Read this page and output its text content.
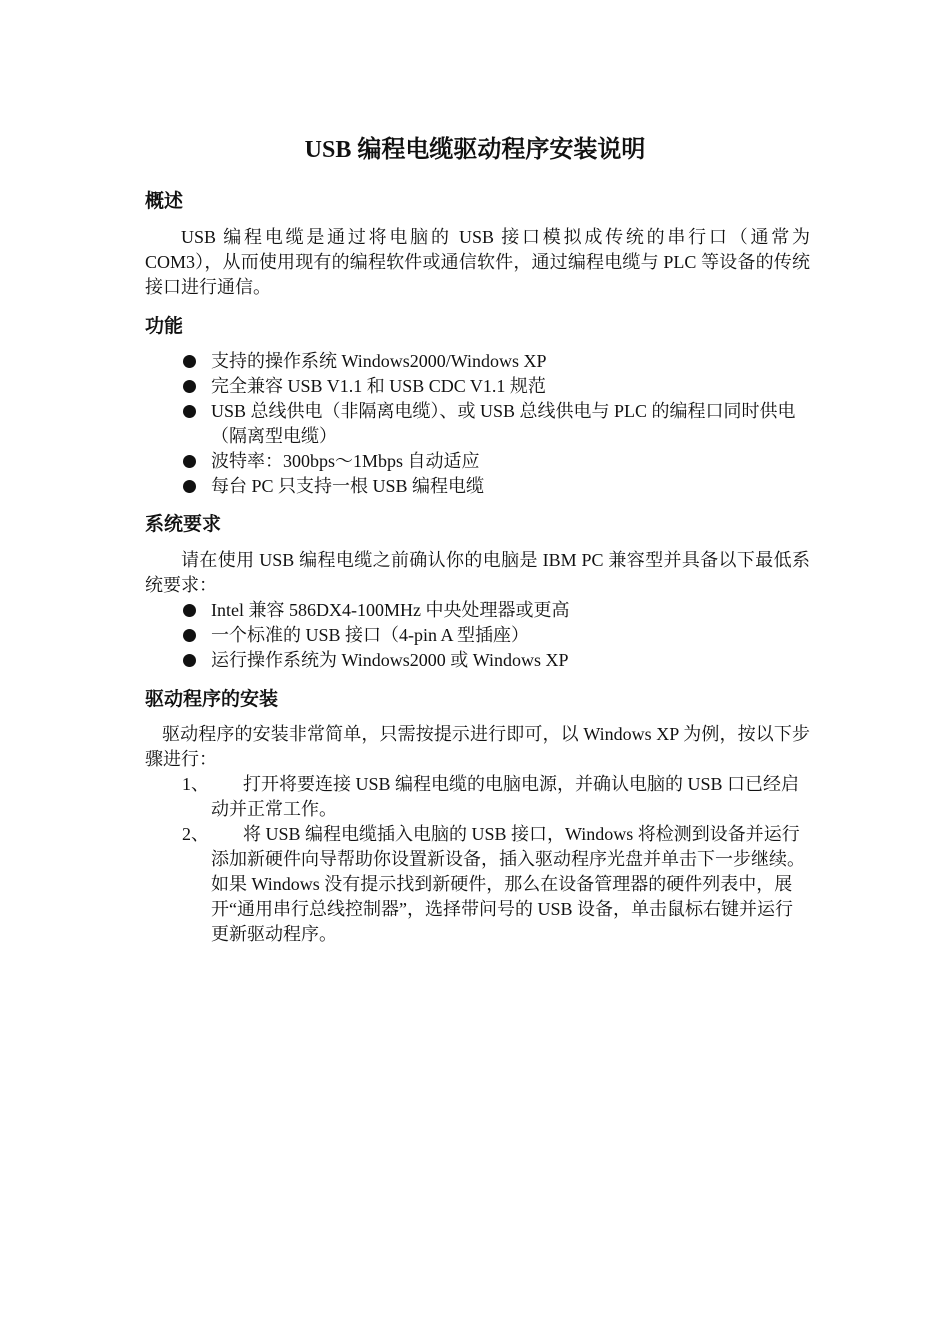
USB 编程电缆驱动程序安装说明
概述

USB 编程电缆是通过将电脑的 USB 接口模拟成传统的串行口（通常为 COM3），从而使用现有的编程软件或通信软件，通过编程电缆与 PLC 等设备的传统接口进行通信。

功能
支持的操作系统 Windows2000/Windows XP
完全兼容 USB V1.1 和 USB CDC V1.1 规范
USB 总线供电（非隔离电缆）、或 USB 总线供电与 PLC 的编程口同时供电（隔离型电缆）
波特率：300bps～1Mbps 自动适应
每台 PC 只支持一根 USB 编程电缆
系统要求

请在使用 USB 编程电缆之前确认你的电脑是 IBM PC 兼容型并具备以下最低系统要求：

Intel 兼容 586DX4-100MHz 中央处理器或更高
一个标准的 USB 接口（4-pin A 型插座）
运行操作系统为 Windows2000 或 Windows XP
驱动程序的安装

驱动程序的安装非常简单，只需按提示进行即可，以 Windows XP 为例，按以下步骤进行：

1、	打开将要连接 USB 编程电缆的电脑电源，并确认电脑的 USB 口已经启动并正常工作。
2、	将 USB 编程电缆插入电脑的 USB 接口，Windows 将检测到设备并运行添加新硬件向导帮助你设置新设备，插入驱动程序光盘并单击下一步继续。
如果 Windows 没有提示找到新硬件，那么在设备管理器的硬件列表中，展开“通用串行总线控制器”，选择带问号的 USB 设备，单击鼠标右键并运行更新驱动程序。
